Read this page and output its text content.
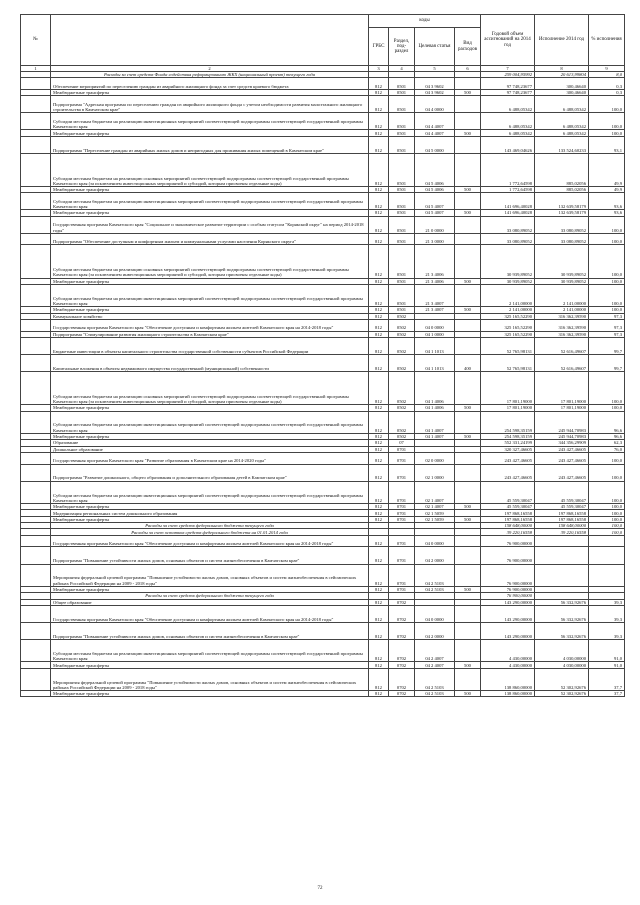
№		коды				Годовой объем ассигнований на 2014 год	Исполнение 2014 год	% исполнения
		ГРБС	Раздел, под-раздел	Целевая статья	Вид расходов			
1	2	3	4	5	6	7	8	9
	Расходы за счет средств Фонда содействия реформированию ЖКХ (национальный проект) текущего года					259 004,95992	20 613,99804	8,0
	Обеспечение мероприятий по переселению граждан из аварийного жилищного фонда за счет средств краевого бюджета	812	0501	04 3 9602		97 748,23677	300,46640	0,3
	Межбюджетные трансферты	812	0501	04 3 9602	500	97 748,23677	300,46640	0,3
	Подпрограмма "Адресная программа по переселению граждан из аварийного жилищного фонда с учетом необходимости развития малоэтажного жилищного строительства в Камчатском крае"	812	0501	04 4 0000		6 488,05342	6 488,05342	100,0
	Субсидии местным бюджетам на реализацию инвестиционных мероприятий соответствующей подпрограммы соответствующей государственной программы Камчатского края	812	0501	04 4 4007		6 488,05342	6 488,05342	100,0
	Межбюджетные трансферты	812	0501	04 4 4007	500	6 488,05342	6 488,05342	100,0
	Подпрограмма "Переселение граждан из аварийных жилых домов и непригодных для проживания жилых помещений в Камчатском крае"	812	0501	04 5 0000		143 469,04626	133 524,60233	93,1
	Субсидии местным бюджетам на реализацию основных мероприятий соответствующей подпрограммы соответствующей государственной программы Камчатского края (за исключением инвестиционных мероприятий и субсидий, которым присвоены отдельные коды)	812	0501	04 5 4006		1 772,64598	885,02056	49,9
	Межбюджетные трансферты	812	0501	04 5 4006	500	1 772,64598	885,02056	49,9
	Субсидии местным бюджетам на реализацию инвестиционных мероприятий соответствующей подпрограммы соответствующей государственной программы Камчатского края	812	0501	04 5 4007		141 696,40028	132 639,58179	93,6
	Межбюджетные трансферты	812	0501	04 5 4007	500	141 696,40028	132 639,58179	93,6
	Государственная программа Камчатского края "Социальное и экономическое развитие территории с особым статусом "Корякский округ" на период 2014-2018 годы"	812	0501	21 0 0000		33 080,89052	33 080,89052	100,0
	Подпрограмма "Обеспечение доступным и комфортным жильем и коммунальными услугами населения Корякского округа"	812	0501	21 3 0000		33 080,89052	33 080,89052	100,0
	Субсидии местным бюджетам на реализацию основных мероприятий соответствующей подпрограммы соответствующей государственной программы Камчатского края (за исключением инвестиционных мероприятий и субсидий, которым присвоены отдельные коды)	812	0501	21 3 4006		30 939,89052	30 939,89052	100,0
	Межбюджетные трансферты	812	0501	21 3 4006	500	30 939,89052	30 939,89052	100,0
	Субсидии местным бюджетам на реализацию инвестиционных мероприятий соответствующей подпрограммы соответствующей государственной программы Камчатского края	812	0501	21 3 4007		2 141,00000	2 141,00000	100,0
	Межбюджетные трансферты	812	0501	21 3 4007	500	2 141,00000	2 141,00000	100,0
	Коммунальное хозяйство	812	0502			325 165,52290	316 362,39590	97,3
	Государственная программа Камчатского края "Обеспечение доступным и комфортным жильем жителей Камчатского края на 2014-2018 годы"	812	0502	04 0 0000		325 165,52290	316 362,39590	97,3
	Подпрограмма "Стимулирование развития жилищного строительства в Камчатском крае"	812	0502	04 1 0000		325 165,52290	316 362,39590	97,3
	Бюджетные инвестиции в объекты капитального строительства государственной собственности субъектов Российской Федерации	812	0502	04 1 1013		52 765,98131	52 616,49607	99,7
	Капитальные вложения в объекты недвижимого имущества государственной (муниципальной) собственности	812	0502	04 1 1013	400	52 765,98131	52 616,49607	99,7
	Субсидии местным бюджетам на реализацию основных мероприятий соответствующей подпрограммы соответствующей государственной программы Камчатского края (за исключением инвестиционных мероприятий и субсидий, которым присвоены отдельные коды)	812	0502	04 1 4006		17 801,19000	17 801,19000	100,0
	Межбюджетные трансферты	812	0502	04 1 4006	500	17 801,19000	17 801,19000	100,0
	Субсидии местным бюджетам на реализацию инвестиционных мероприятий соответствующей подпрограммы соответствующей государственной программы Камчатского края	812	0502	04 1 4007		254 598,35159	245 944,70983	96,6
	Межбюджетные трансферты	812	0502	04 1 4007	500	254 598,35159	245 944,70983	96,6
	Образование	812	07			552 331,24199	344 356,29909	62,3
	Дошкольное образование	812	0701			320 327,46605	243 427,46605	76,0
	Государственная программа Камчатского края "Развитие образования в Камчатском крае на 2014-2020 годы"	812	0701	02 0 0000		243 427,46605	243 427,46605	100,0
	Подпрограмма "Развитие дошкольного, общего образования и дополнительного образования детей в Камчатском крае"	812	0701	02 1 0000		243 427,46605	243 427,46605	100,0
	Субсидии местным бюджетам на реализацию инвестиционных мероприятий соответствующей подпрограммы соответствующей государственной программы Камчатского края	812	0701	02 1 4007		45 559,30047	45 559,30047	100,0
	Межбюджетные трансферты	812	0701	02 1 4007	500	45 559,30047	45 559,30047	100,0
	Модернизация региональных систем дошкольного образования	812	0701	02 1 5059		197 868,16558	197 868,16558	100,0
	Межбюджетные трансферты	812	0701	02 1 5059	500	197 868,16558	197 868,16558	100,0
	Расходы за счет средств федерального бюджета текущего года					158 648,00000	158 648,00000	100,0
	Расходы за счет остатков средств федерального бюджета на 01.01.2014 года					39 220,16558	39 220,16558	100,0
	Государственная программа Камчатского края "Обеспечение доступным и комфортным жильем жителей Камчатского края на 2014-2018 годы"	812	0701	04 0 0000		76 900,00000		
	Подпрограмма "Повышение устойчивости жилых домов, основных объектов и систем жизнеобеспечения в Камчатском крае"	812	0701	04 2 0000		76 900,00000		
	Мероприятия федеральной целевой программы "Повышение устойчивости жилых домов, основных объектов и систем жизнеобеспечения в сейсмических районах Российской Федерации на 2009 - 2018 годы"	812	0701	04 2 5103		76 900,00000		
	Межбюджетные трансферты	812	0701	04 2 5103	500	76 900,00000		
	Расходы за счет средств федерального бюджета текущего года					76 900,00000		
	Общее образование	812	0702			143 290,00000	56 332,92676	39,3
	Государственная программа Камчатского края "Обеспечение доступным и комфортным жильем жителей Камчатского края на 2014-2018 годы"	812	0702	04 0 0000		143 290,00000	56 332,92676	39,3
	Подпрограмма "Повышение устойчивости жилых домов, основных объектов и систем жизнеобеспечения в Камчатском крае"	812	0702	04 2 0000		143 290,00000	56 332,92676	39,3
	Субсидии местным бюджетам на реализацию инвестиционных мероприятий соответствующей подпрограммы соответствующей государственной программы Камчатского края	812	0702	04 2 4007		4 430,00000	4 030,00000	91,0
	Межбюджетные трансферты	812	0702	04 2 4007	500	4 430,00000	4 030,00000	91,0
	Мероприятия федеральной целевой программы "Повышение устойчивости жилых домов, основных объектов и систем жизнеобеспечения в сейсмических районах Российской Федерации на 2009 - 2018 годы"	812	0702	04 2 5103		138 860,00000	52 302,92676	37,7
	Межбюджетные трансферты	812	0702	04 2 5103	500	138 860,00000	52 302,92676	37,7
72
